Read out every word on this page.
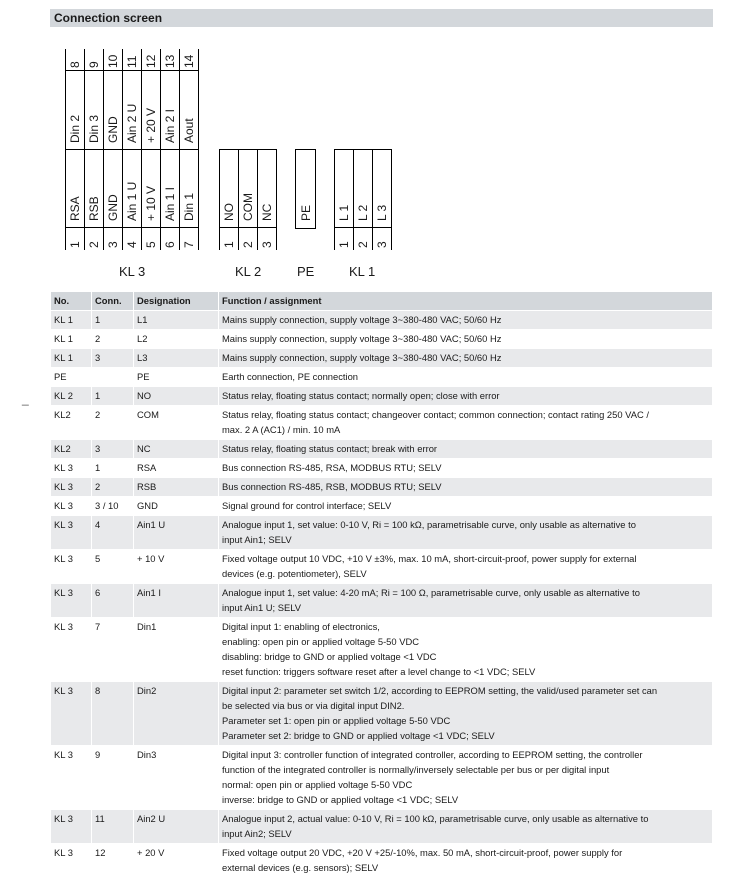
Connection screen
_
8
Din 2
9
Din 3
10
GND
11
Ain 2 U
12
+ 20 V
13
Ain 2 I
14
Aout
RSA
1
RSB
2
GND
3
Ain 1 U
4
+ 10 V
5
Ain 1 I
6
Din 1
7
KL 3
NO
1
COM
2
NC
3
KL 2
PE
PE
L 1
1
L 2
2
L 3
3
KL 1
No.	Conn.	Designation	Function / assignment
KL 1	1	L1	Mains supply connection, supply voltage 3~380-480 VAC; 50/60 Hz

KL 1	2	L2	Mains supply connection, supply voltage 3~380-480 VAC; 50/60 Hz

KL 1	3	L3	Mains supply connection, supply voltage 3~380-480 VAC; 50/60 Hz

PE		PE	Earth connection, PE connection

KL 2	1	NO	Status relay, floating status contact; normally open; close with error

KL2	2	COM	Status relay, floating status contact; changeover contact; common connection; contact rating 250 VAC /
max. 2 A (AC1) / min. 10 mA

KL2	3	NC	Status relay, floating status contact; break with error

KL 3	1	RSA	Bus connection RS-485, RSA, MODBUS RTU; SELV

KL 3	2	RSB	Bus connection RS-485, RSB, MODBUS RTU; SELV

KL 3	3 / 10	GND	Signal ground for control interface; SELV

KL 3	4	Ain1 U	Analogue input 1, set value: 0-10 V, Ri = 100 kΩ, parametrisable curve, only usable as alternative to
input Ain1; SELV

KL 3	5	+ 10 V	Fixed voltage output 10 VDC, +10 V ±3%, max. 10 mA, short-circuit-proof, power supply for external
devices (e.g. potentiometer), SELV

KL 3	6	Ain1 I	Analogue input 1, set value: 4-20 mA; Ri = 100 Ω, parametrisable curve, only usable as alternative to
input Ain1 U; SELV

KL 3	7	Din1	Digital input 1: enabling of electronics,
enabling: open pin or applied voltage 5-50 VDC
disabling: bridge to GND or applied voltage <1 VDC
reset function: triggers software reset after a level change to <1 VDC; SELV

KL 3	8	Din2	Digital input 2: parameter set switch 1/2, according to EEPROM setting, the valid/used parameter set can
be selected via bus or via digital input DIN2.
Parameter set 1: open pin or applied voltage 5-50 VDC
Parameter set 2: bridge to GND or applied voltage <1 VDC; SELV

KL 3	9	Din3	Digital input 3: controller function of integrated controller, according to EEPROM setting, the controller
function of the integrated controller is normally/inversely selectable per bus or per digital input
normal: open pin or applied voltage 5-50 VDC
inverse: bridge to GND or applied voltage <1 VDC; SELV

KL 3	11	Ain2 U	Analogue input 2, actual value: 0-10 V, Ri = 100 kΩ, parametrisable curve, only usable as alternative to
input Ain2; SELV

KL 3	12	+ 20 V	Fixed voltage output 20 VDC, +20 V +25/-10%, max. 50 mA, short-circuit-proof, power supply for
external devices (e.g. sensors); SELV
